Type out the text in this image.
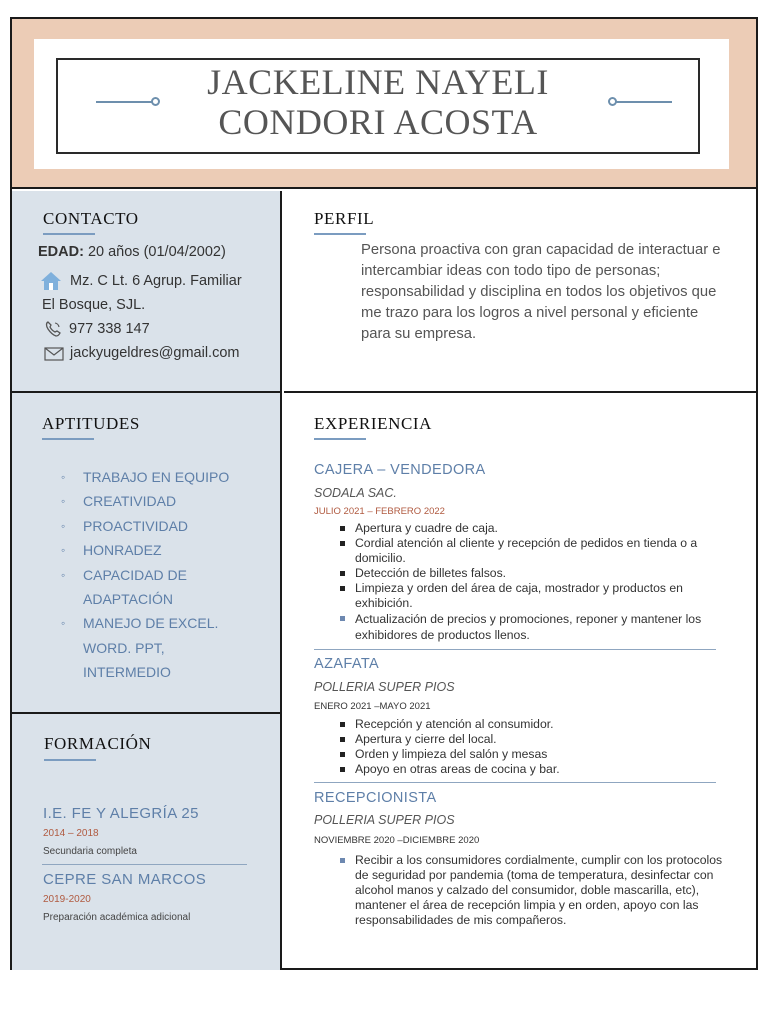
JACKELINE NAYELI
CONDORI ACOSTA
CONTACTO
EDAD: 20 años (01/04/2002)
Mz. C Lt. 6 Agrup. Familiar
El Bosque, SJL.
977 338 147
jackyugeldres@gmail.com
PERFIL
Persona proactiva con gran capacidad de interactuar e intercambiar ideas con todo tipo de personas; responsabilidad y disciplina en todos los objetivos que me trazo para los logros a nivel personal y eficiente para su empresa.
APTITUDES
◦ TRABAJO EN EQUIPO
◦ CREATIVIDAD
◦ PROACTIVIDAD
◦ HONRADEZ
◦ CAPACIDAD DE ADAPTACIÓN
◦ MANEJO DE EXCEL. WORD. PPT, INTERMEDIO
FORMACIÓN
I.E. FE Y ALEGRÍA 25
2014 – 2018
Secundaria completa
CEPRE SAN MARCOS
2019-2020
Preparación académica adicional
EXPERIENCIA
CAJERA – VENDEDORA
SODALA SAC.
JULIO 2021 – FEBRERO 2022
Apertura y cuadre de caja.
Cordial atención al cliente y recepción de pedidos en tienda o a domicilio.
Detección de billetes falsos.
Limpieza y orden del área de caja, mostrador y productos en exhibición.
Actualización de precios y promociones, reponer y mantener los exhibidores de productos llenos.
AZAFATA
POLLERIA SUPER PIOS
ENERO 2021 –MAYO 2021
Recepción y atención al consumidor.
Apertura y cierre del local.
Orden y limpieza del salón y mesas
Apoyo en otras areas de cocina y bar.
RECEPCIONISTA
POLLERIA SUPER PIOS
NOVIEMBRE 2020 –DICIEMBRE 2020
Recibir a los consumidores cordialmente, cumplir con los protocolos de seguridad por pandemia (toma de temperatura, desinfectar con alcohol manos y calzado del consumidor, doble mascarilla, etc), mantener el área de recepción limpia y en orden, apoyo con las responsabilidades de mis compañeros.
